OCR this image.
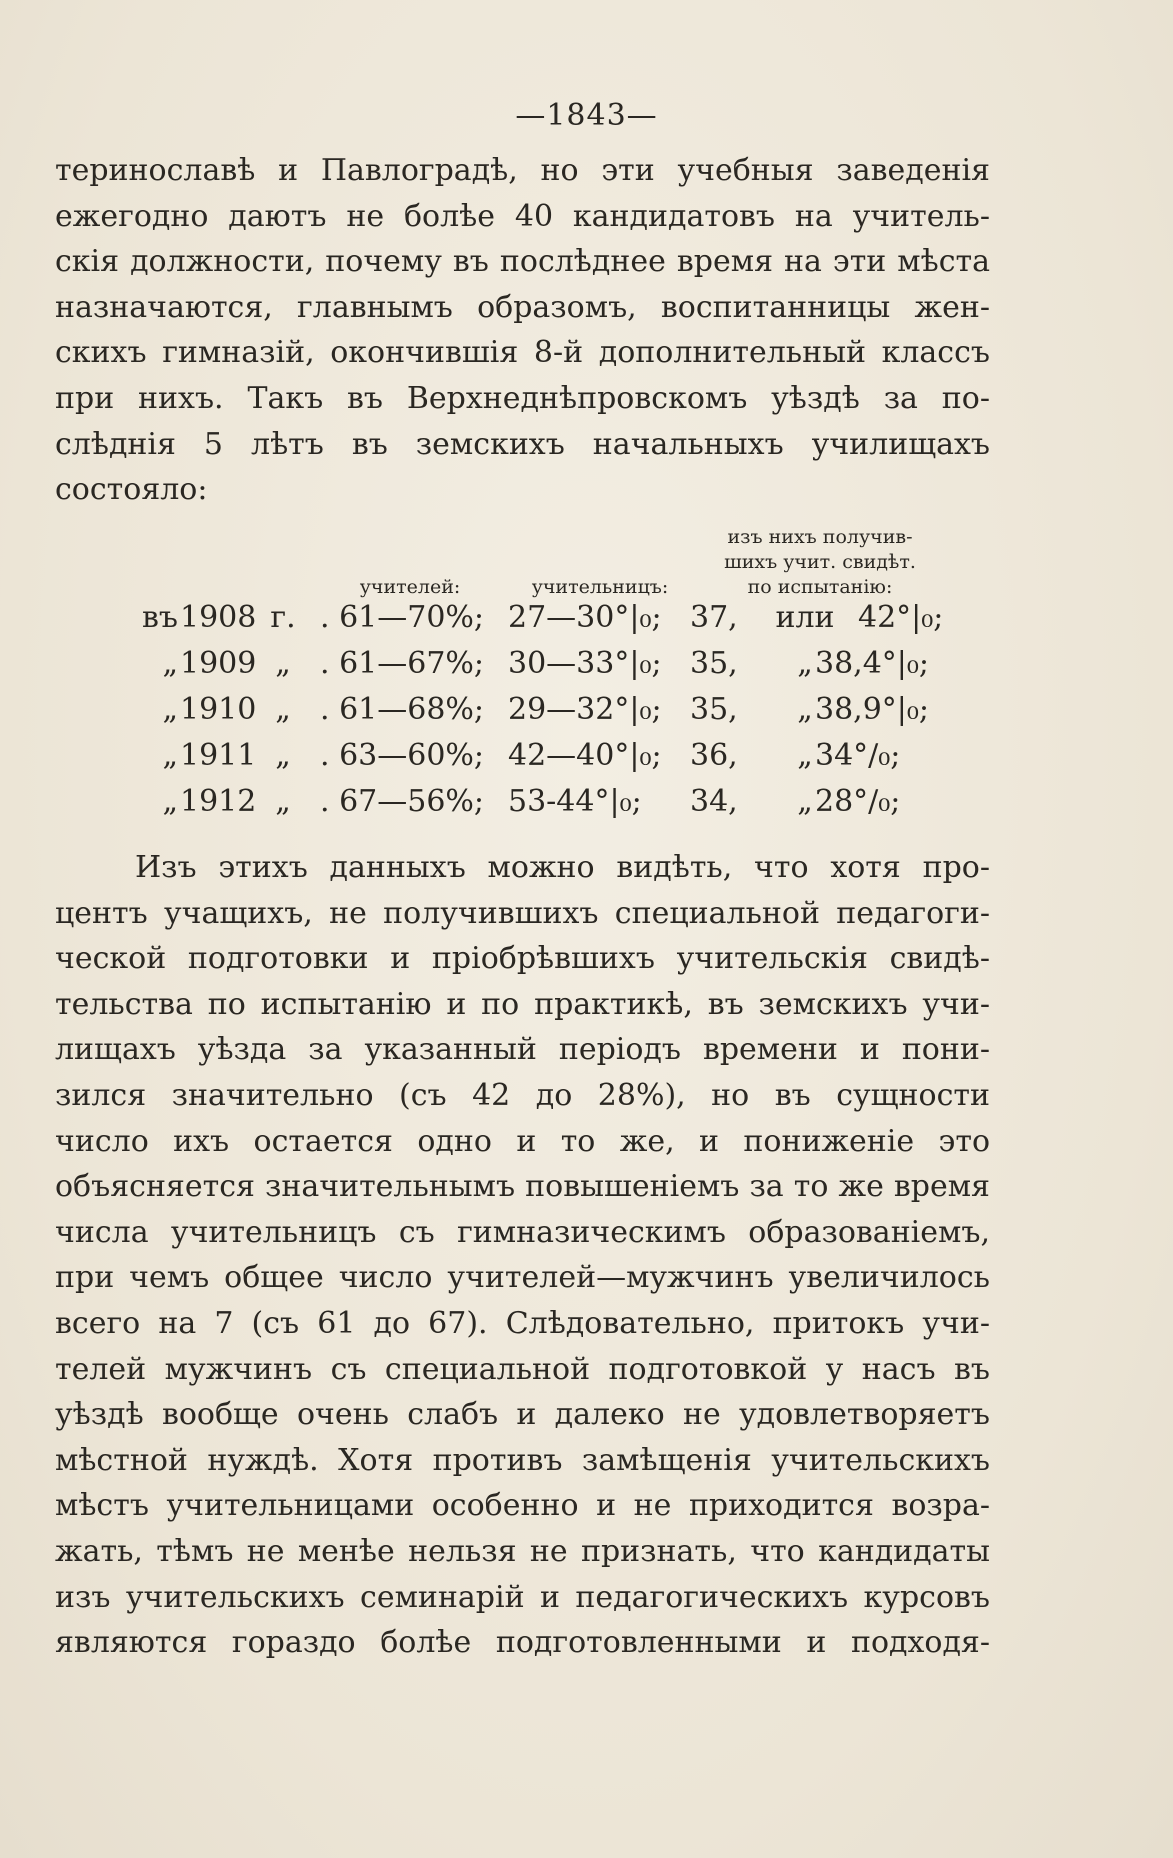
—1843—
териноcлавѣ и Павлоградѣ, но эти учебныя заведенія
ежегодно даютъ не болѣе 40 кандидатовъ на учитель-
скія должности, почему въ послѣднее время на эти мѣста
назначаются, главнымъ образомъ, воспитанницы жен-
скихъ гимназій, окончившія 8-й дополнительный классъ
при нихъ. Такъ въ Верхнеднѣпровскомъ уѣздѣ за по-
слѣднія 5 лѣтъ въ земскихъ начальныхъ училищахъ
состояло:
учителей:	учительницъ:
изъ нихъ получив-
шихъ учит. свидѣт.
по испытанію:
въ 1908 г. . 61—70%; 27—30°|₀; 37,	или 42°|₀;
„ 1909 „ . 61—67%; 30—33°|₀; 35,	„ 38,4°|₀;
„ 1910 „ . 61—68%; 29—32°|₀; 35,	„ 38,9°|₀;
„ 1911 „ . 63—60%; 42—40°|₀; 36,	„ 34°/₀;
„ 1912 „ . 67—56%; 53-44°|₀; 34,	„ 28°/₀;
Изъ этихъ данныхъ можно видѣть, что хотя про-
центъ учащихъ, не получившихъ специальной педагоги-
ческой подготовки и пріобрѣвшихъ учительскія свидѣ-
тельства по испытанію и по практикѣ, въ земскихъ учи-
лищахъ уѣзда за указанный періодъ времени и пони-
зился значительно (съ 42 до 28%), но въ сущности
число ихъ остается одно и то же, и пониженіе это
объясняется значительнымъ повышеніемъ за то же время
числа учительницъ съ гимназическимъ образованіемъ,
при чемъ общее число учителей—мужчинъ увеличилось
всего на 7 (съ 61 до 67). Слѣдовательно, притокъ учи-
телей мужчинъ съ специальной подготовкой у насъ въ
уѣздѣ вообще очень слабъ и далеко не удовлетворяетъ
мѣстной нуждѣ. Хотя противъ замѣщенія учительскихъ
мѣстъ учительницами особенно и не приходится возра-
жать, тѣмъ не менѣе нельзя не признать, что кандидаты
изъ учительскихъ семинарій и педагогическихъ курсовъ
являются гораздо болѣе подготовленными и подходя-
